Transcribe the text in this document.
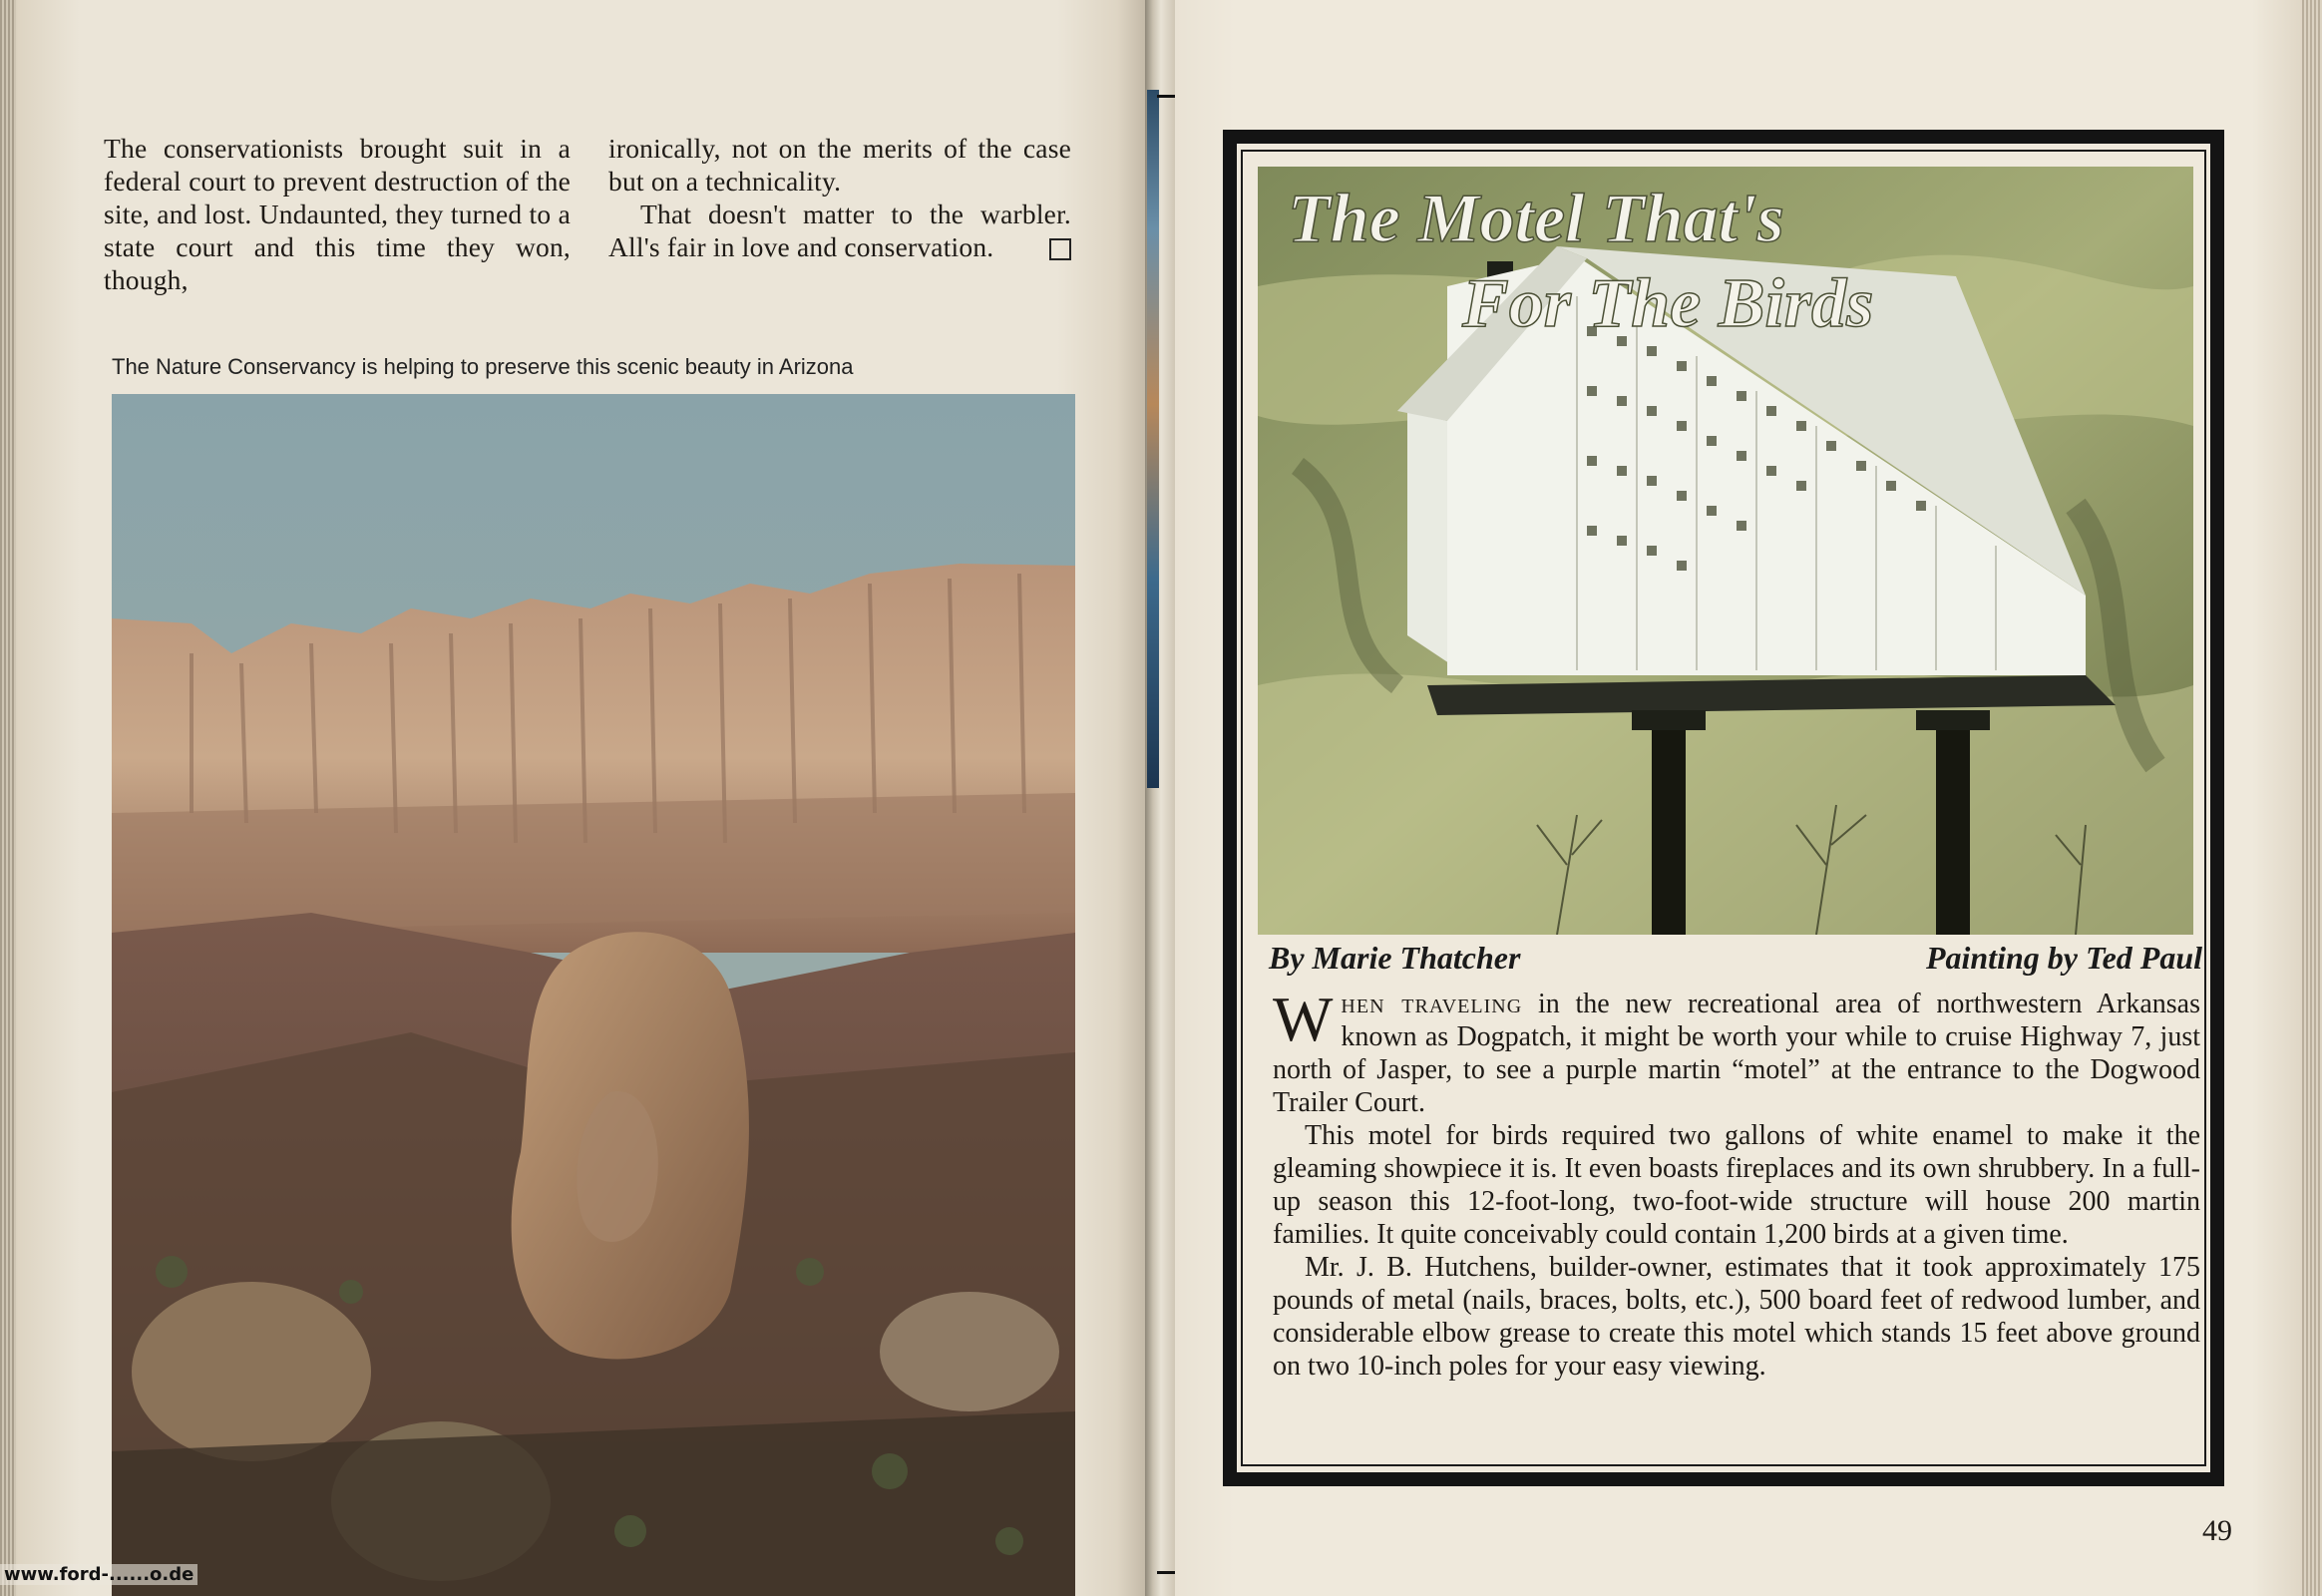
The conservationists brought suit in a federal court to prevent destruction of the site, and lost. Undaunted, they turned to a state court and this time they won, though,

ironically, not on the merits of the case but on a technicality.

That doesn't matter to the warbler. All's fair in love and conservation.

The Nature Conservancy is helping to preserve this scenic beauty in Arizona
www.ford-......o.de
The Motel That's
For The Birds
By Marie Thatcher	Painting by Ted Paul

When traveling in the new recreational area of northwestern Arkansas known as Dogpatch, it might be worth your while to cruise Highway 7, just north of Jasper, to see a purple martin “motel” at the entrance to the Dogwood Trailer Court.

This motel for birds required two gallons of white enamel to make it the gleaming showpiece it is. It even boasts fireplaces and its own shrubbery. In a full-up season this 12-foot-long, two-foot-wide structure will house 200 martin families. It quite conceivably could contain 1,200 birds at a given time.

Mr. J. B. Hutchens, builder-owner, estimates that it took approximately 175 pounds of metal (nails, braces, bolts, etc.), 500 board feet of redwood lumber, and considerable elbow grease to create this motel which stands 15 feet above ground on two 10-inch poles for your easy viewing.

49
